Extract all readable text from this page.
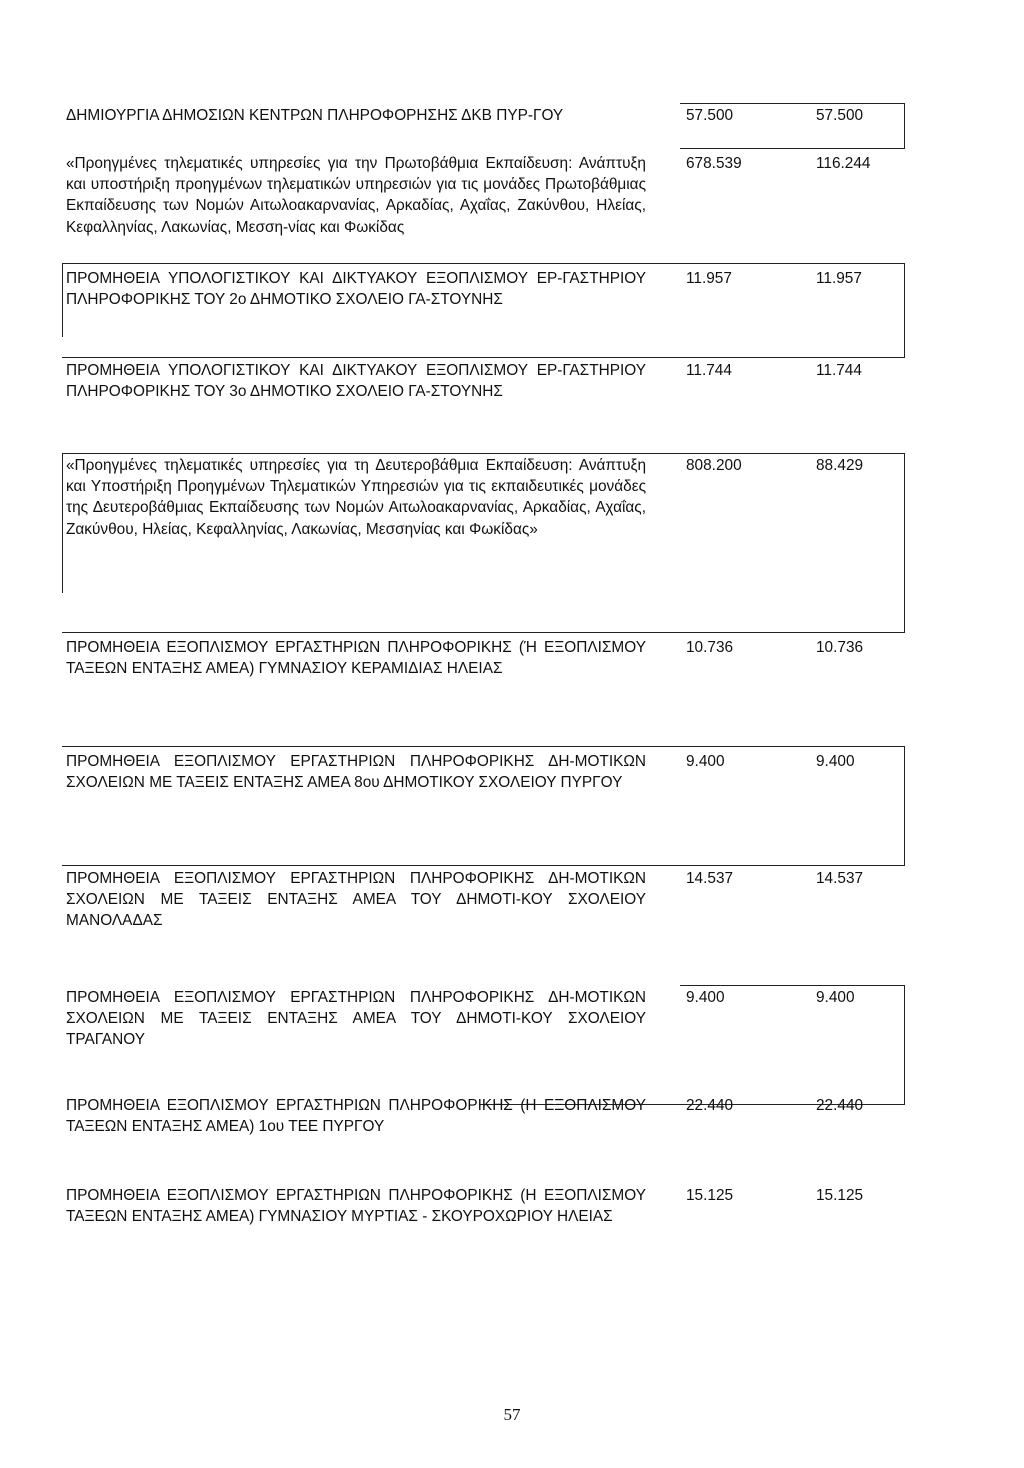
ΔΗΜΙΟΥΡΓΙΑ ΔΗΜΟΣΙΩΝ ΚΕΝΤΡΩΝ ΠΛΗΡΟΦΟΡΗΣΗΣ ΔΚΒ ΠΥΡ-ΓΟΥ	57.500	57.500
«Προηγμένες τηλεματικές υπηρεσίες για την Πρωτοβάθμια Εκπαίδευση: Ανάπτυξη και υποστήριξη προηγμένων τηλεματικών υπηρεσιών για τις μονάδες Πρωτοβάθμιας Εκπαίδευσης των Νομών Αιτωλοακαρνανίας, Αρκαδίας, Αχαΐας, Ζακύνθου, Ηλείας, Κεφαλληνίας, Λακωνίας, Μεσση-νίας και Φωκίδας
678.539	116.244
ΠΡΟΜΗΘΕΙΑ ΥΠΟΛΟΓΙΣΤΙΚΟΥ ΚΑΙ ΔΙΚΤΥΑΚΟΥ ΕΞΟΠΛΙΣΜΟΥ ΕΡ-ΓΑΣΤΗΡΙΟΥ ΠΛΗΡΟΦΟΡΙΚΗΣ ΤΟΥ 2ο ΔΗΜΟΤΙΚΟ ΣΧΟΛΕΙΟ ΓΑ-ΣΤΟΥΝΗΣ
11.957	11.957
ΠΡΟΜΗΘΕΙΑ ΥΠΟΛΟΓΙΣΤΙΚΟΥ ΚΑΙ ΔΙΚΤΥΑΚΟΥ ΕΞΟΠΛΙΣΜΟΥ ΕΡ-ΓΑΣΤΗΡΙΟΥ ΠΛΗΡΟΦΟΡΙΚΗΣ ΤΟΥ 3ο ΔΗΜΟΤΙΚΟ ΣΧΟΛΕΙΟ ΓΑ-ΣΤΟΥΝΗΣ
11.744	11.744
«Προηγμένες τηλεματικές υπηρεσίες για τη Δευτεροβάθμια Εκπαίδευση: Ανάπτυξη και Υποστήριξη Προηγμένων Τηλεματικών Υπηρεσιών για τις εκπαιδευτικές μονάδες της Δευτεροβάθμιας Εκπαίδευσης των Νομών Αιτωλοακαρνανίας, Αρκαδίας, Αχαΐας, Ζακύνθου, Ηλείας, Κεφαλληνίας, Λακωνίας, Μεσσηνίας και Φωκίδας»
808.200	88.429
ΠΡΟΜΗΘΕΙΑ ΕΞΟΠΛΙΣΜΟΥ ΕΡΓΑΣΤΗΡΙΩΝ ΠΛΗΡΟΦΟΡΙΚΗΣ (Ή ΕΞΟΠΛΙΣΜΟΥ ΤΑΞΕΩΝ ΕΝΤΑΞΗΣ ΑΜΕΑ) ΓΥΜΝΑΣΙΟΥ ΚΕΡΑΜΙΔΙΑΣ ΗΛΕΙΑΣ
10.736	10.736
ΠΡΟΜΗΘΕΙΑ ΕΞΟΠΛΙΣΜΟΥ ΕΡΓΑΣΤΗΡΙΩΝ ΠΛΗΡΟΦΟΡΙΚΗΣ ΔΗ-ΜΟΤΙΚΩΝ ΣΧΟΛΕΙΩΝ ΜΕ ΤΑΞΕΙΣ ΕΝΤΑΞΗΣ ΑΜΕΑ 8ου ΔΗΜΟΤΙΚΟΥ ΣΧΟΛΕΙΟΥ ΠΥΡΓΟΥ
9.400	9.400
ΠΡΟΜΗΘΕΙΑ ΕΞΟΠΛΙΣΜΟΥ ΕΡΓΑΣΤΗΡΙΩΝ ΠΛΗΡΟΦΟΡΙΚΗΣ ΔΗ-ΜΟΤΙΚΩΝ ΣΧΟΛΕΙΩΝ ΜΕ ΤΑΞΕΙΣ ΕΝΤΑΞΗΣ ΑΜΕΑ ΤΟΥ ΔΗΜΟΤΙ-ΚΟΥ ΣΧΟΛΕΙΟΥ ΜΑΝΟΛΑΔΑΣ
14.537	14.537
ΠΡΟΜΗΘΕΙΑ ΕΞΟΠΛΙΣΜΟΥ ΕΡΓΑΣΤΗΡΙΩΝ ΠΛΗΡΟΦΟΡΙΚΗΣ ΔΗ-ΜΟΤΙΚΩΝ ΣΧΟΛΕΙΩΝ ΜΕ ΤΑΞΕΙΣ ΕΝΤΑΞΗΣ ΑΜΕΑ ΤΟΥ ΔΗΜΟΤΙ-ΚΟΥ ΣΧΟΛΕΙΟΥ ΤΡΑΓΑΝΟΥ
9.400	9.400
ΠΡΟΜΗΘΕΙΑ ΕΞΟΠΛΙΣΜΟΥ ΕΡΓΑΣΤΗΡΙΩΝ ΠΛΗΡΟΦΟΡΙΚΗΣ (Η ΕΞΟΠΛΙΣΜΟΥ ΤΑΞΕΩΝ ΕΝΤΑΞΗΣ ΑΜΕΑ) 1ου ΤΕΕ ΠΥΡΓΟΥ
22.440	22.440
ΠΡΟΜΗΘΕΙΑ ΕΞΟΠΛΙΣΜΟΥ ΕΡΓΑΣΤΗΡΙΩΝ ΠΛΗΡΟΦΟΡΙΚΗΣ (Η ΕΞΟΠΛΙΣΜΟΥ ΤΑΞΕΩΝ ΕΝΤΑΞΗΣ ΑΜΕΑ) ΓΥΜΝΑΣΙΟΥ ΜΥΡΤΙΑΣ - ΣΚΟΥΡΟΧΩΡΙΟΥ ΗΛΕΙΑΣ
15.125	15.125
57
